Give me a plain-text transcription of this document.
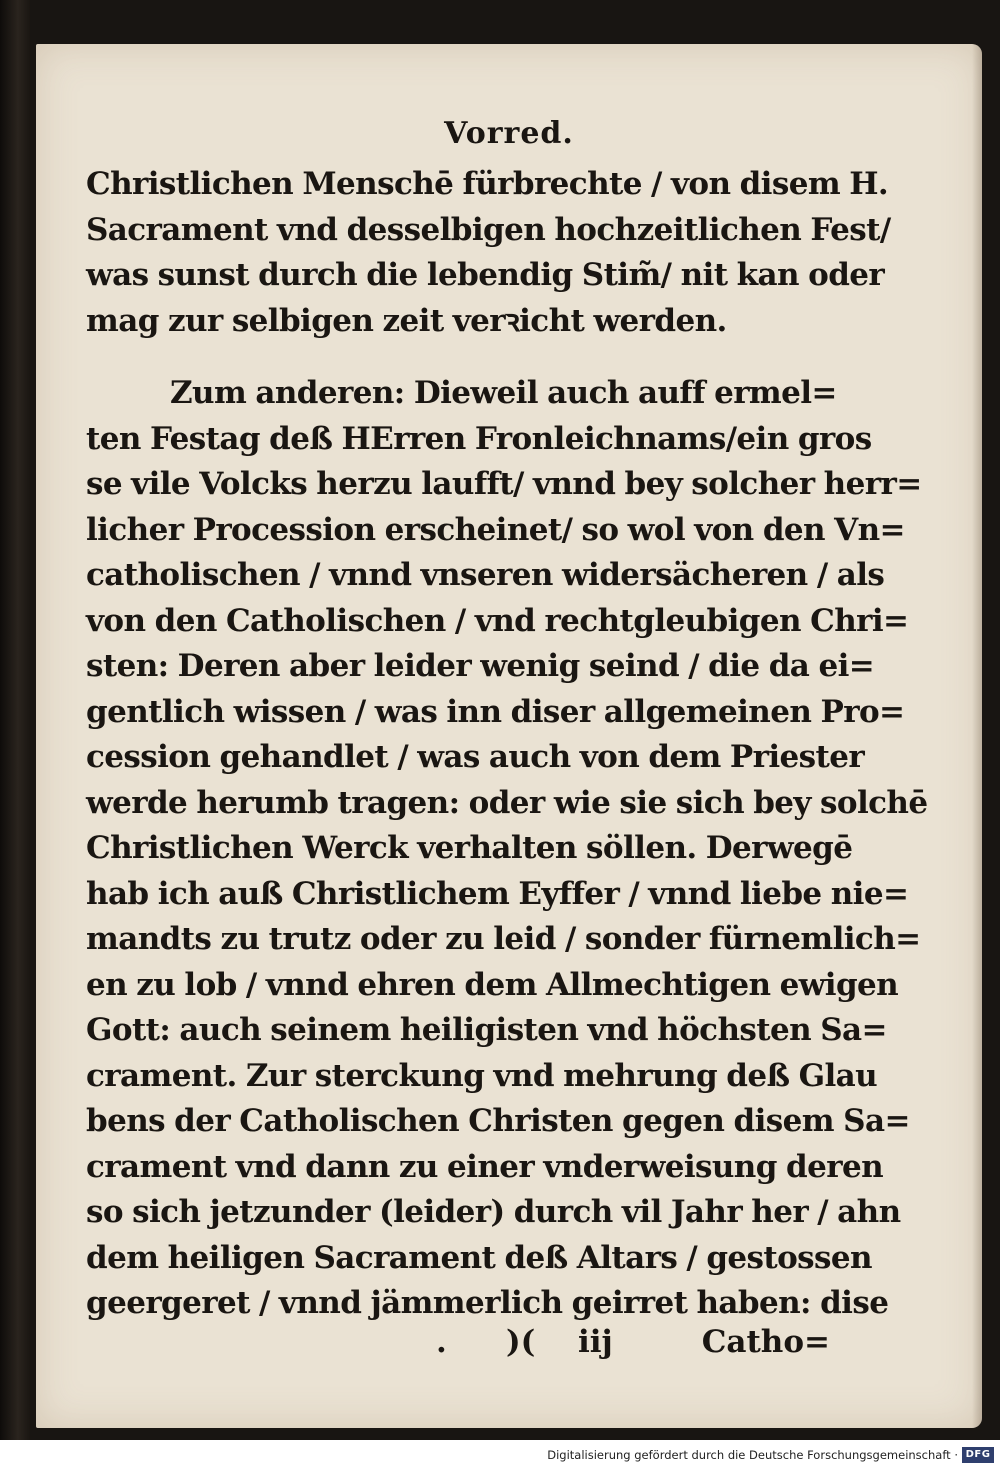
Vorred.
Christlichen Menschē fürbrechte / von disem H.
Sacrament vnd desselbigen hochzeitlichen Fest/
was sunst durch die lebendig Stim̃/ nit kan oder
mag zur selbigen zeit verꝛicht werden.
Zum anderen: Dieweil auch auff ermel=
ten Festag deß HErren Fronleichnams/ein gros
se vile Volcks herzu laufft/ vnnd bey solcher herr=
licher Procession erscheinet/ so wol von den Vn=
catholischen / vnnd vnseren widersächeren / als
von den Catholischen / vnd rechtgleubigen Chri=
sten: Deren aber leider wenig seind / die da ei=
gentlich wissen / was inn diser allgemeinen Pro=
cession gehandlet / was auch von dem Priester
werde herumb tragen: oder wie sie sich bey solchē
Christlichen Werck verhalten söllen. Derwegē
hab ich auß Christlichem Eyffer / vnnd liebe nie=
mandts zu trutz oder zu leid / sonder fürnemlich=
en zu lob / vnnd ehren dem Allmechtigen ewigen
Gott: auch seinem heiligisten vnd höchsten Sa=
crament. Zur sterckung vnd mehrung deß Glau
bens der Catholischen Christen gegen disem Sa=
crament vnd dann zu einer vnderweisung deren
so sich jetzunder (leider) durch vil Jahr her / ahn
dem heiligen Sacrament deß Altars / gestossen
geergeret / vnnd jämmerlich geirret haben: dise
. )( iij	Catho=
Digitalisierung gefördert durch die Deutsche Forschungsgemeinschaft · DFG
